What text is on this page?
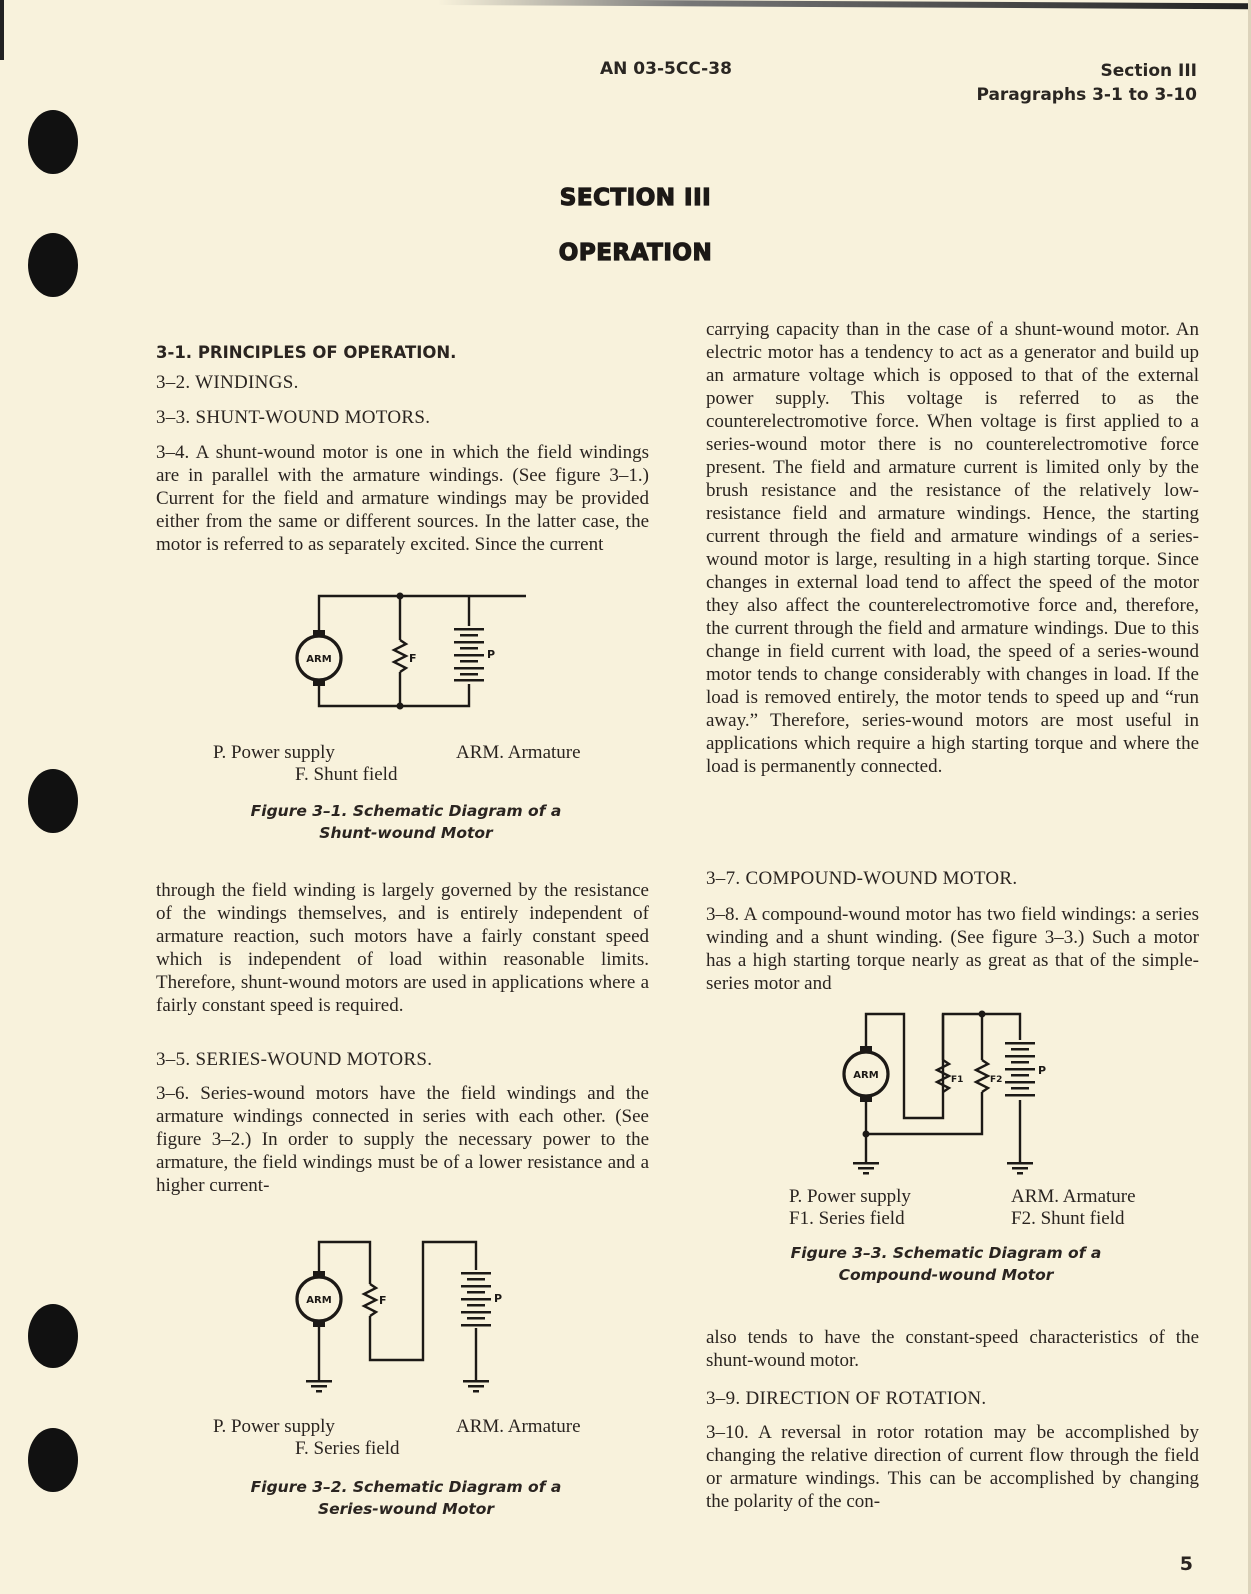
AN 03-5CC-38	Section III
Paragraphs 3-1 to 3-10
SECTION III
OPERATION

3-1. PRINCIPLES OF OPERATION.

3–2. WINDINGS.

3–3. SHUNT-WOUND MOTORS.

3–4. A shunt-wound motor is one in which the field windings are in parallel with the armature windings. (See figure 3–1.) Current for the field and armature windings may be provided either from the same or different sources. In the latter case, the motor is referred to as separately excited. Since the current

ARM	F	P
P. Power supply	ARM. Armature
F. Shunt field
Figure 3–1. Schematic Diagram of a
Shunt-wound Motor

through the field winding is largely governed by the resistance of the windings themselves, and is entirely independent of armature reaction, such motors have a fairly constant speed which is independent of load within reasonable limits. Therefore, shunt-wound motors are used in applications where a fairly constant speed is required.

3–5. SERIES-WOUND MOTORS.

3–6. Series-wound motors have the field windings and the armature windings connected in series with each other. (See figure 3–2.) In order to supply the necessary power to the armature, the field windings must be of a lower resistance and a higher current-

ARM	F	P
P. Power supply	ARM. Armature
F. Series field
Figure 3–2. Schematic Diagram of a
Series-wound Motor

carrying capacity than in the case of a shunt-wound motor. An electric motor has a tendency to act as a generator and build up an armature voltage which is opposed to that of the external power supply. This voltage is referred to as the counterelectromotive force. When voltage is first applied to a series-wound motor there is no counterelectromotive force present. The field and armature current is limited only by the brush resistance and the resistance of the relatively low-resistance field and armature windings. Hence, the starting current through the field and armature windings of a series-wound motor is large, resulting in a high starting torque. Since changes in external load tend to affect the speed of the motor they also affect the counterelectromotive force and, therefore, the current through the field and armature windings. Due to this change in field current with load, the speed of a series-wound motor tends to change considerably with changes in load. If the load is removed entirely, the motor tends to speed up and “run away.” Therefore, series-wound motors are most useful in applications which require a high starting torque and where the load is permanently connected.

3–7. COMPOUND-WOUND MOTOR.

3–8. A compound-wound motor has two field windings: a series winding and a shunt winding. (See figure 3–3.) Such a motor has a high starting torque nearly as great as that of the simple-series motor and

ARM	F1	F2
P
P. Power supply	ARM. Armature
F1. Series field	F2. Shunt field
Figure 3–3. Schematic Diagram of a
Compound-wound Motor

also tends to have the constant-speed characteristics of the shunt-wound motor.

3–9. DIRECTION OF ROTATION.

3–10. A reversal in rotor rotation may be accomplished by changing the relative direction of current flow through the field or armature windings. This can be accomplished by changing the polarity of the con-

5
